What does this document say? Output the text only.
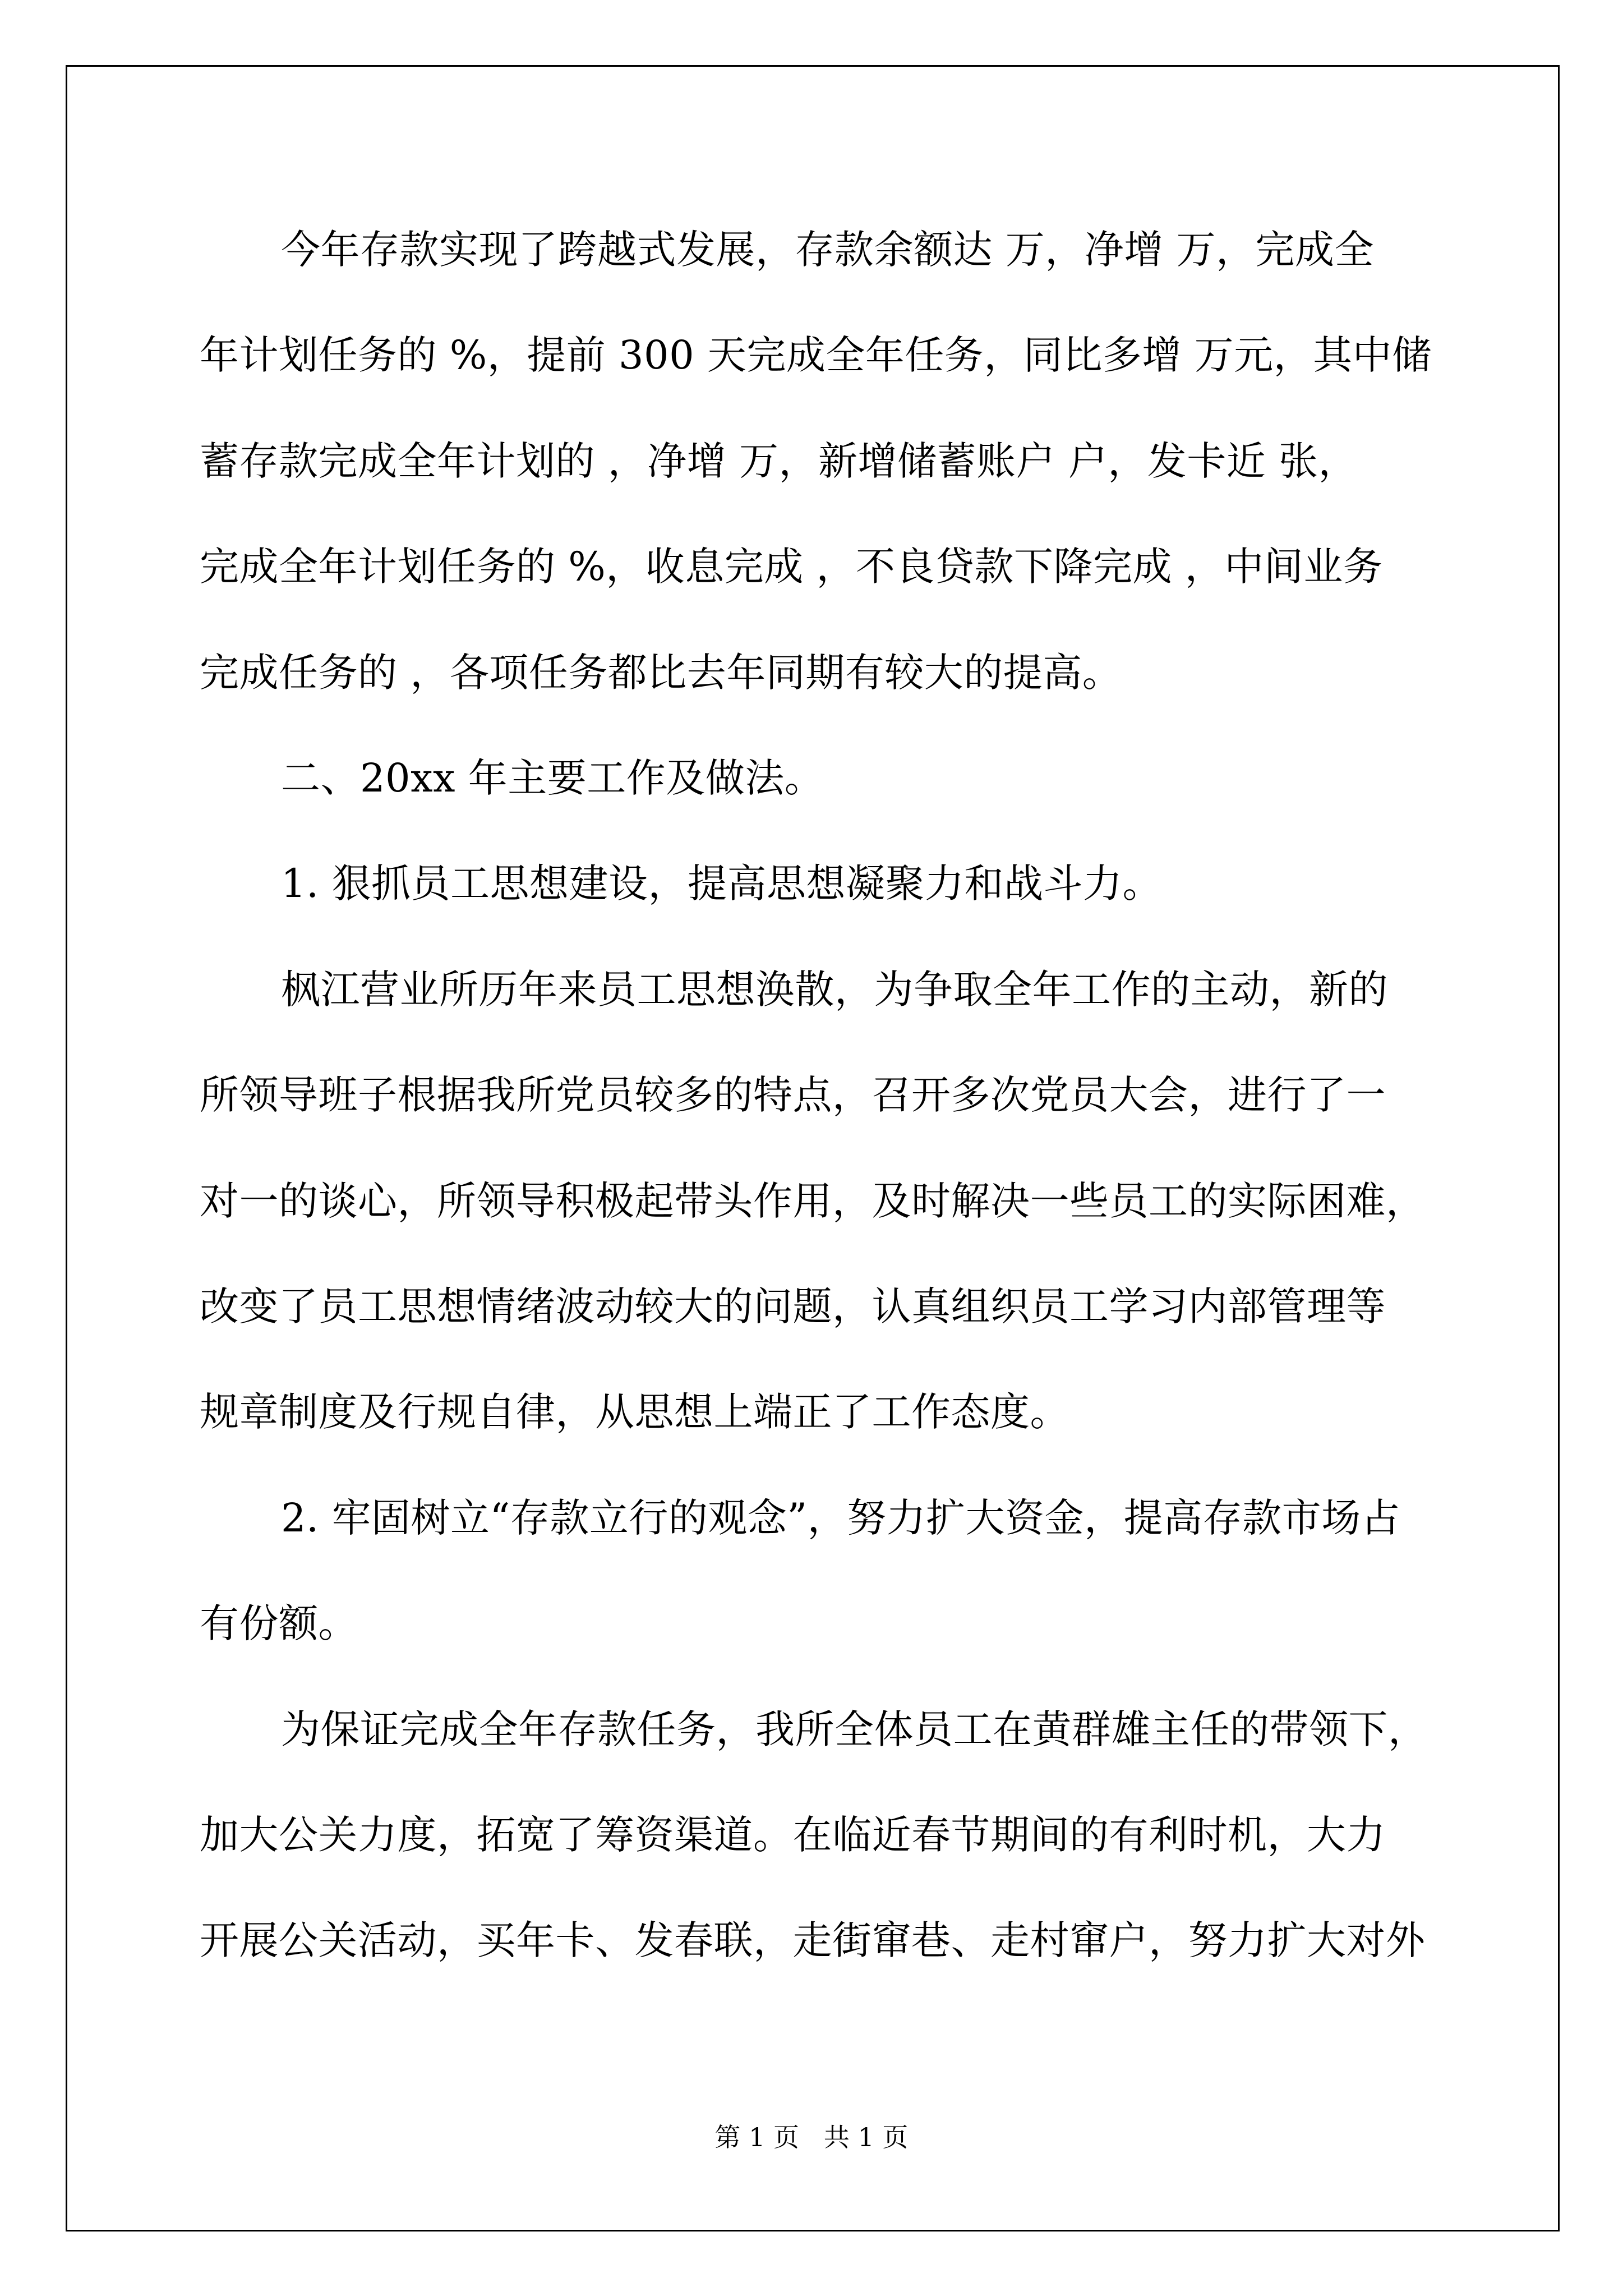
今年存款实现了跨越式发展，存款余额达 万，净增 万，完成全
年计划任务的 %，提前 300 天完成全年任务，同比多增 万元，其中储
蓄存款完成全年计划的 ，净增 万，新增储蓄账户 户，发卡近 张，
完成全年计划任务的 %，收息完成 ，不良贷款下降完成 ，中间业务
完成任务的 ，各项任务都比去年同期有较大的提高。
二、20xx 年主要工作及做法。
1. 狠抓员工思想建设，提高思想凝聚力和战斗力。
枫江营业所历年来员工思想涣散，为争取全年工作的主动，新的
所领导班子根据我所党员较多的特点，召开多次党员大会，进行了一
对一的谈心，所领导积极起带头作用，及时解决一些员工的实际困难，
改变了员工思想情绪波动较大的问题，认真组织员工学习内部管理等
规章制度及行规自律，从思想上端正了工作态度。
2. 牢固树立“存款立行的观念”，努力扩大资金，提高存款市场占
有份额。
为保证完成全年存款任务，我所全体员工在黄群雄主任的带领下，
加大公关力度，拓宽了筹资渠道。在临近春节期间的有利时机，大力
开展公关活动，买年卡、发春联，走街窜巷、走村窜户，努力扩大对外
第 1 页   共 1 页
